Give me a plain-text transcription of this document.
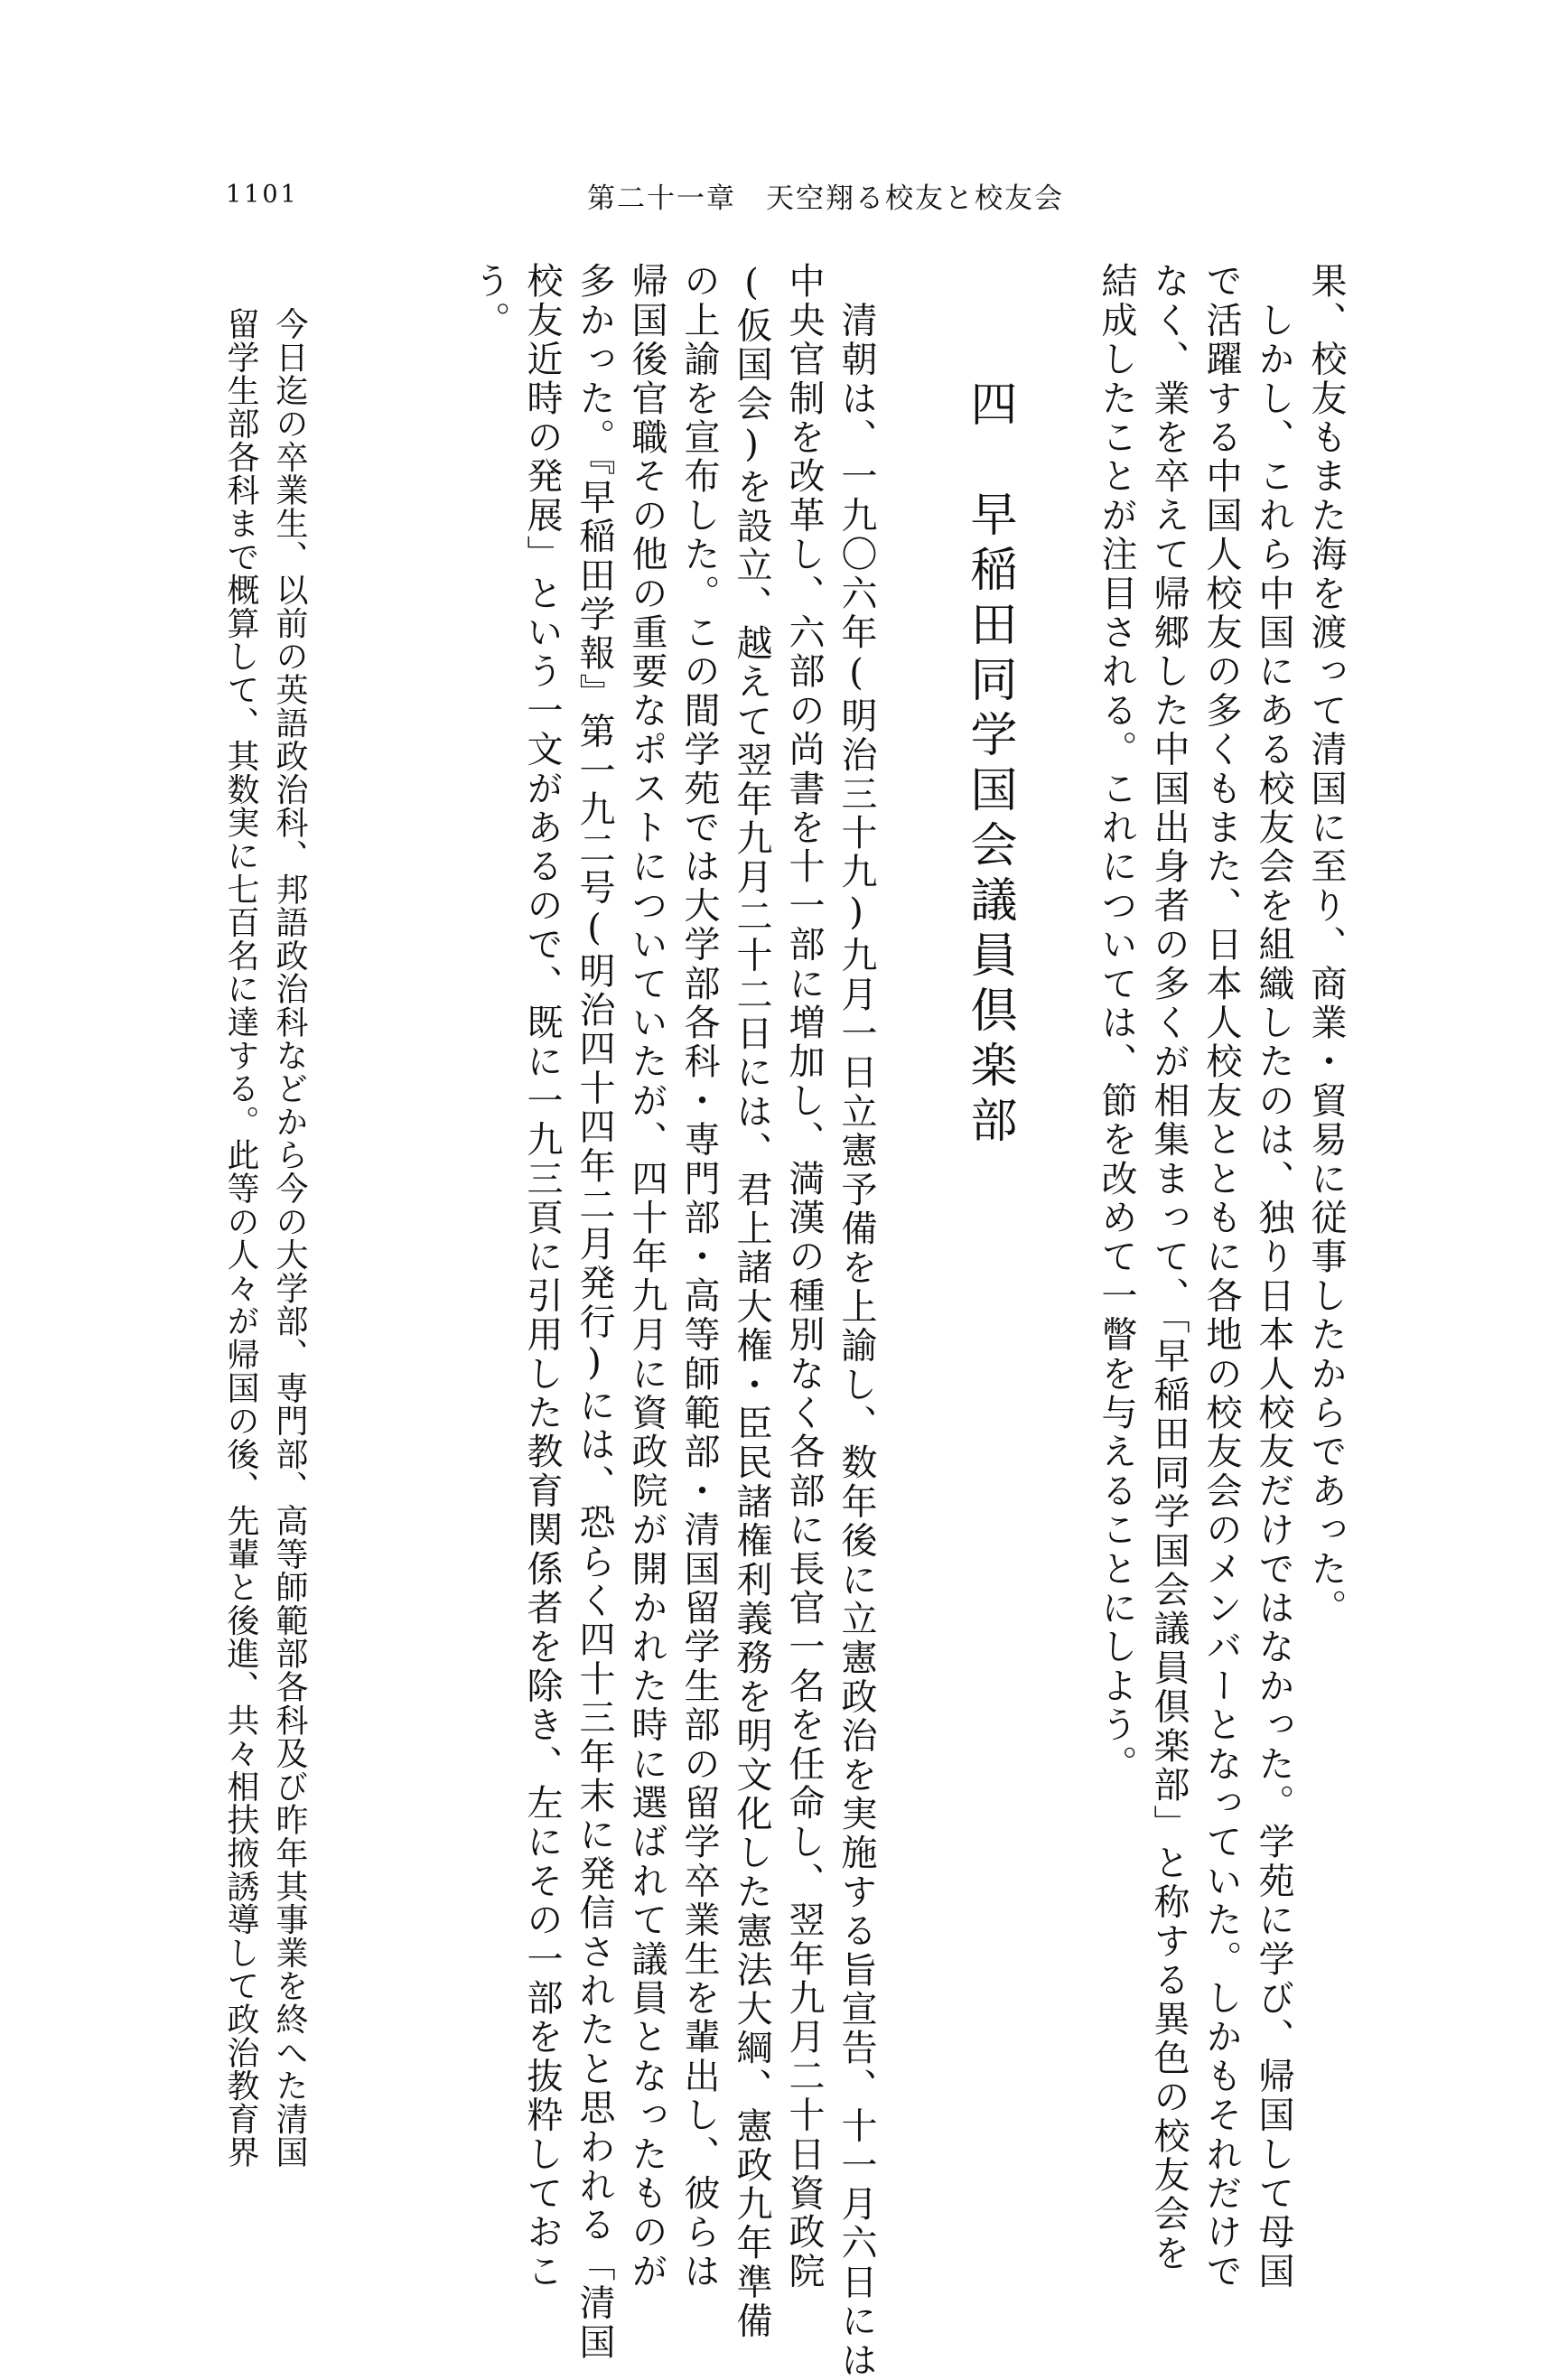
1101	第二十一章　天空翔る校友と校友会
果、校友もまた海を渡って清国に至り、商業・貿易に従事したからであった。
　しかし、これら中国にある校友会を組織したのは、独り日本人校友だけではなかった。学苑に学び、帰国して母国
で活躍する中国人校友の多くもまた、日本人校友とともに各地の校友会のメンバーとなっていた。しかもそれだけで
なく、業を卒えて帰郷した中国出身者の多くが相集まって、「早稲田同学国会議員倶楽部」と称する異色の校友会を
結成したことが注目される。これについては、節を改めて一瞥を与えることにしよう。
四　早稲田同学国会議員倶楽部
　清朝は、一九〇六年(明治三十九)九月一日立憲予備を上諭し、数年後に立憲政治を実施する旨宣告、十一月六日には
中央官制を改革し、六部の尚書を十一部に増加し、満漢の種別なく各部に長官一名を任命し、翌年九月二十日資政院
(仮国会)を設立、越えて翌年九月二十二日には、君上諸大権・臣民諸権利義務を明文化した憲法大綱、憲政九年準備
の上諭を宣布した。この間学苑では大学部各科・専門部・高等師範部・清国留学生部の留学卒業生を輩出し、彼らは
帰国後官職その他の重要なポストについていたが、四十年九月に資政院が開かれた時に選ばれて議員となったものが
多かった。『早稲田学報』第一九二号(明治四十四年二月発行)には、恐らく四十三年末に発信されたと思われる「清国
校友近時の発展」という一文があるので、既に一九三頁に引用した教育関係者を除き、左にその一部を抜粋しておこ
う。
今日迄の卒業生、以前の英語政治科、邦語政治科などから今の大学部、専門部、高等師範部各科及び昨年其事業を終へた清国
留学生部各科まで概算して、其数実に七百名に達する。此等の人々が帰国の後、先輩と後進、共々相扶掖誘導して政治教育界
